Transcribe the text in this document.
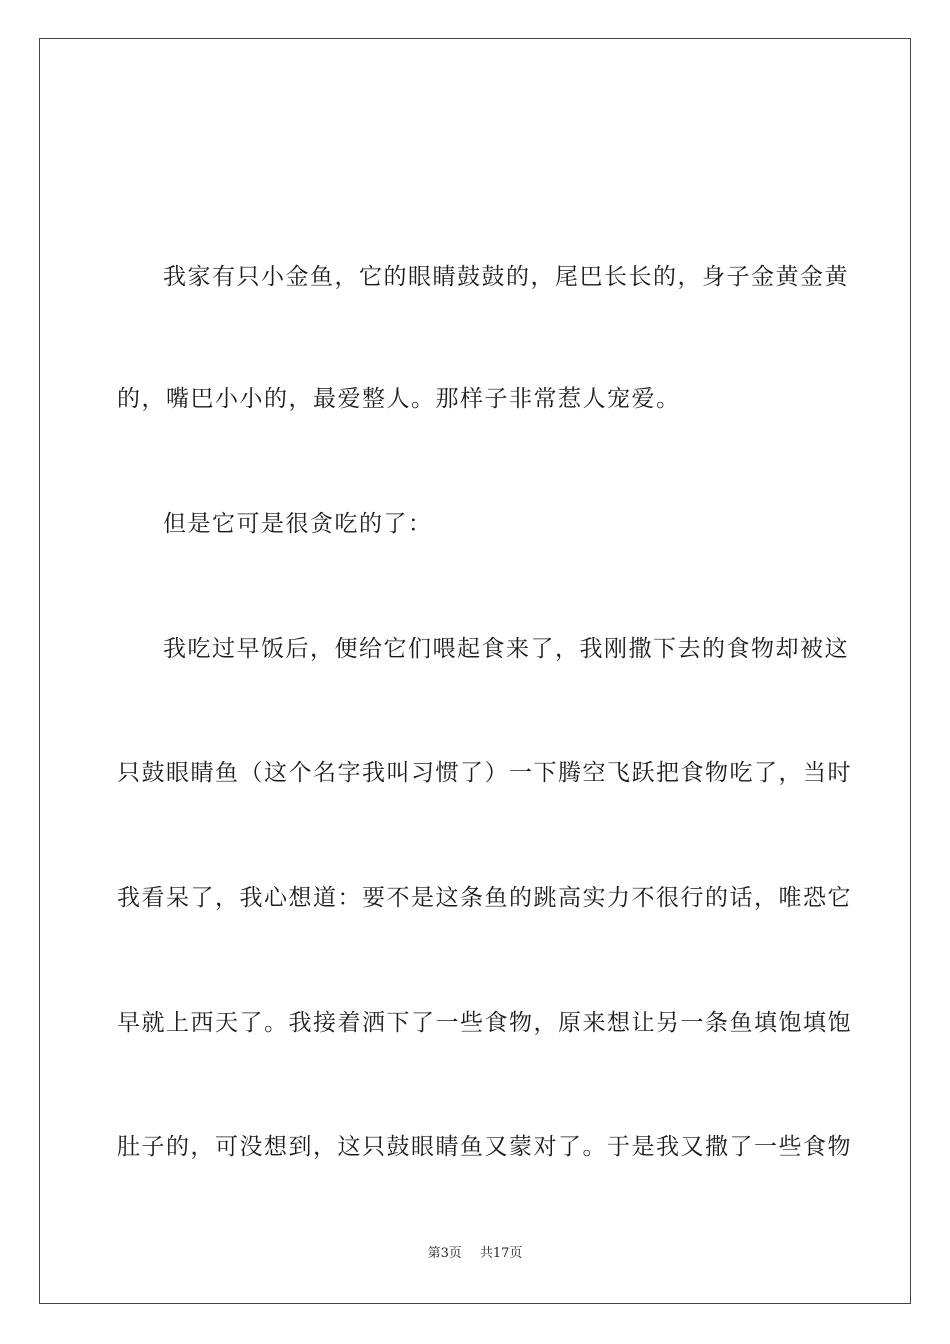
我家有只小金鱼，它的眼睛鼓鼓的，尾巴长长的，身子金黄金黄
的，嘴巴小小的，最爱整人。那样子非常惹人宠爱。
但是它可是很贪吃的了：
我吃过早饭后，便给它们喂起食来了，我刚撒下去的食物却被这
只鼓眼睛鱼（这个名字我叫习惯了）一下腾空飞跃把食物吃了，当时
我看呆了，我心想道：要不是这条鱼的跳高实力不很行的话，唯恐它
早就上西天了。我接着洒下了一些食物，原来想让另一条鱼填饱填饱
肚子的，可没想到，这只鼓眼睛鱼又蒙对了。于是我又撒了一些食物
第3页 共17页
